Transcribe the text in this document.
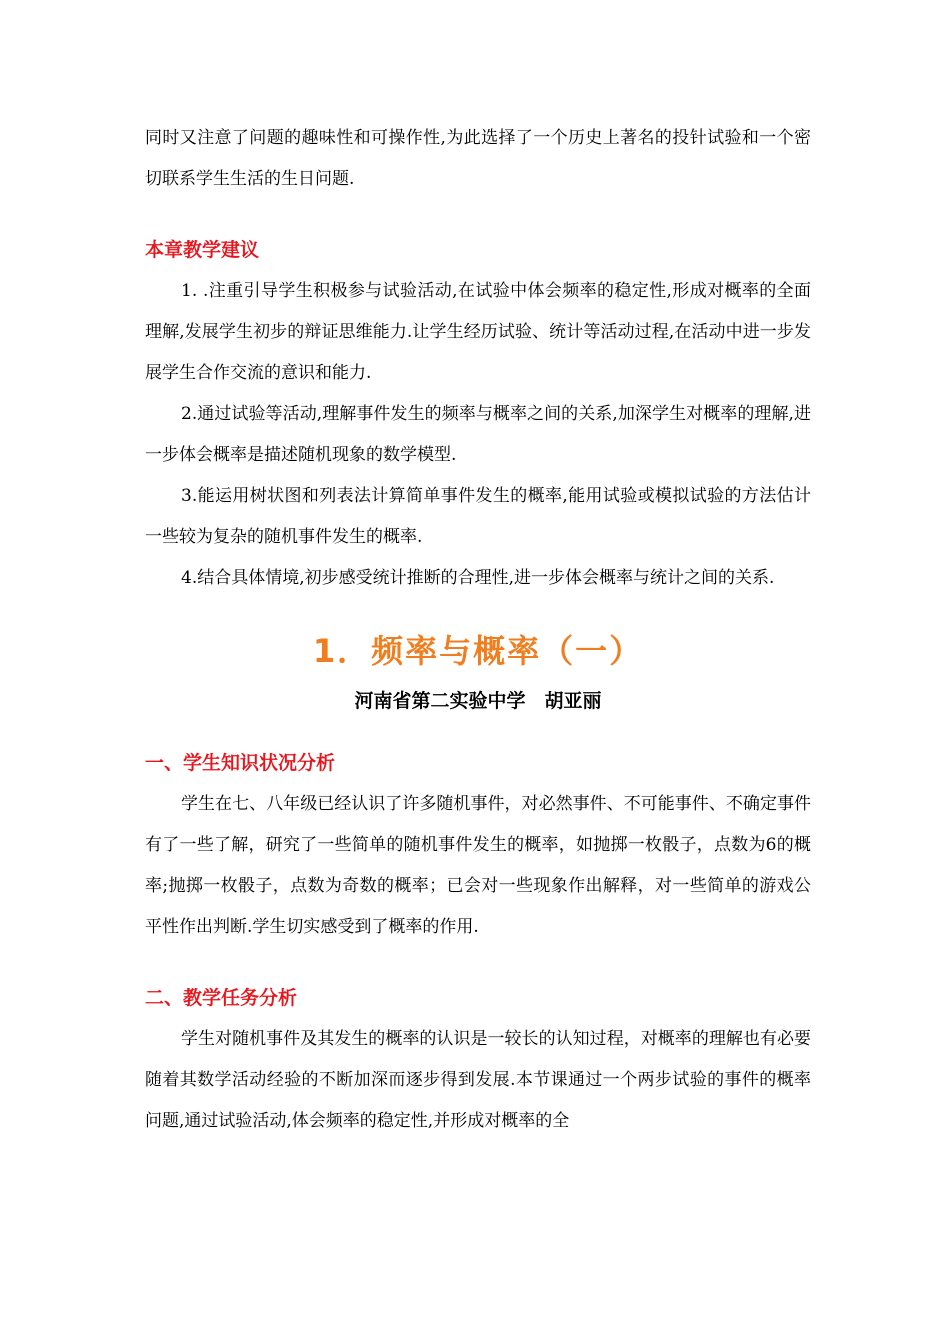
同时又注意了问题的趣味性和可操作性,为此选择了一个历史上著名的投针试验和一个密切联系学生生活的生日问题.

本章教学建议

1. .注重引导学生积极参与试验活动,在试验中体会频率的稳定性,形成对概率的全面理解,发展学生初步的辩证思维能力.让学生经历试验、统计等活动过程,在活动中进一步发展学生合作交流的意识和能力.

2.通过试验等活动,理解事件发生的频率与概率之间的关系,加深学生对概率的理解,进一步体会概率是描述随机现象的数学模型.

3.能运用树状图和列表法计算简单事件发生的概率,能用试验或模拟试验的方法估计一些较为复杂的随机事件发生的概率.

4.结合具体情境,初步感受统计推断的合理性,进一步体会概率与统计之间的关系.

1．频率与概率（一）

河南省第二实验中学　胡亚丽

一、学生知识状况分析

学生在七、八年级已经认识了许多随机事件，对必然事件、不可能事件、不确定事件有了一些了解，研究了一些简单的随机事件发生的概率，如抛掷一枚骰子，点数为6的概率;抛掷一枚骰子，点数为奇数的概率；已会对一些现象作出解释，对一些简单的游戏公平性作出判断.学生切实感受到了概率的作用.

二、教学任务分析

学生对随机事件及其发生的概率的认识是一较长的认知过程，对概率的理解也有必要随着其数学活动经验的不断加深而逐步得到发展.本节课通过一个两步试验的事件的概率问题,通过试验活动,体会频率的稳定性,并形成对概率的全
